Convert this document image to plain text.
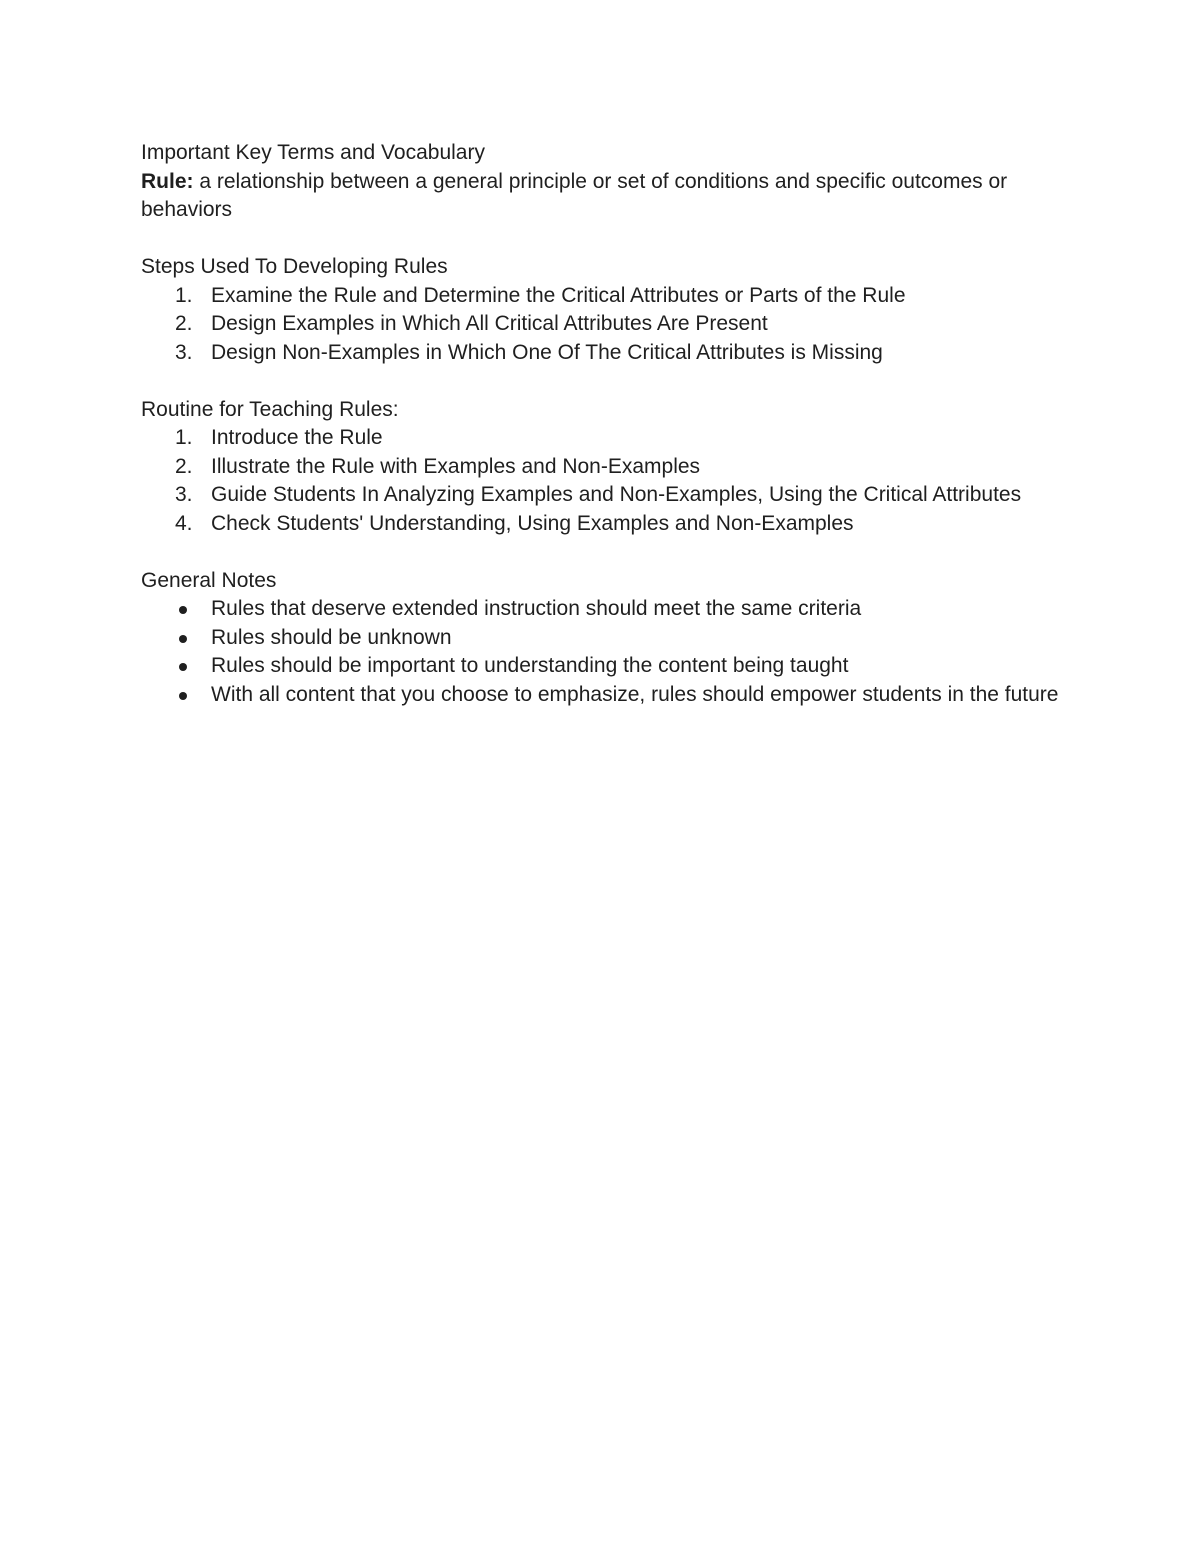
Important Key Terms and Vocabulary

Rule: a relationship between a general principle or set of conditions and specific outcomes or behaviors

Steps Used To Developing Rules

1. Examine the Rule and Determine the Critical Attributes or Parts of the Rule
2. Design Examples in Which All Critical Attributes Are Present
3. Design Non-Examples in Which One Of The Critical Attributes is Missing

Routine for Teaching Rules:

1. Introduce the Rule
2. Illustrate the Rule with Examples and Non-Examples
3. Guide Students In Analyzing Examples and Non-Examples, Using the Critical Attributes
4. Check Students' Understanding, Using Examples and Non-Examples

General Notes

Rules that deserve extended instruction should meet the same criteria
Rules should be unknown
Rules should be important to understanding the content being taught
With all content that you choose to emphasize, rules should empower students in the future
